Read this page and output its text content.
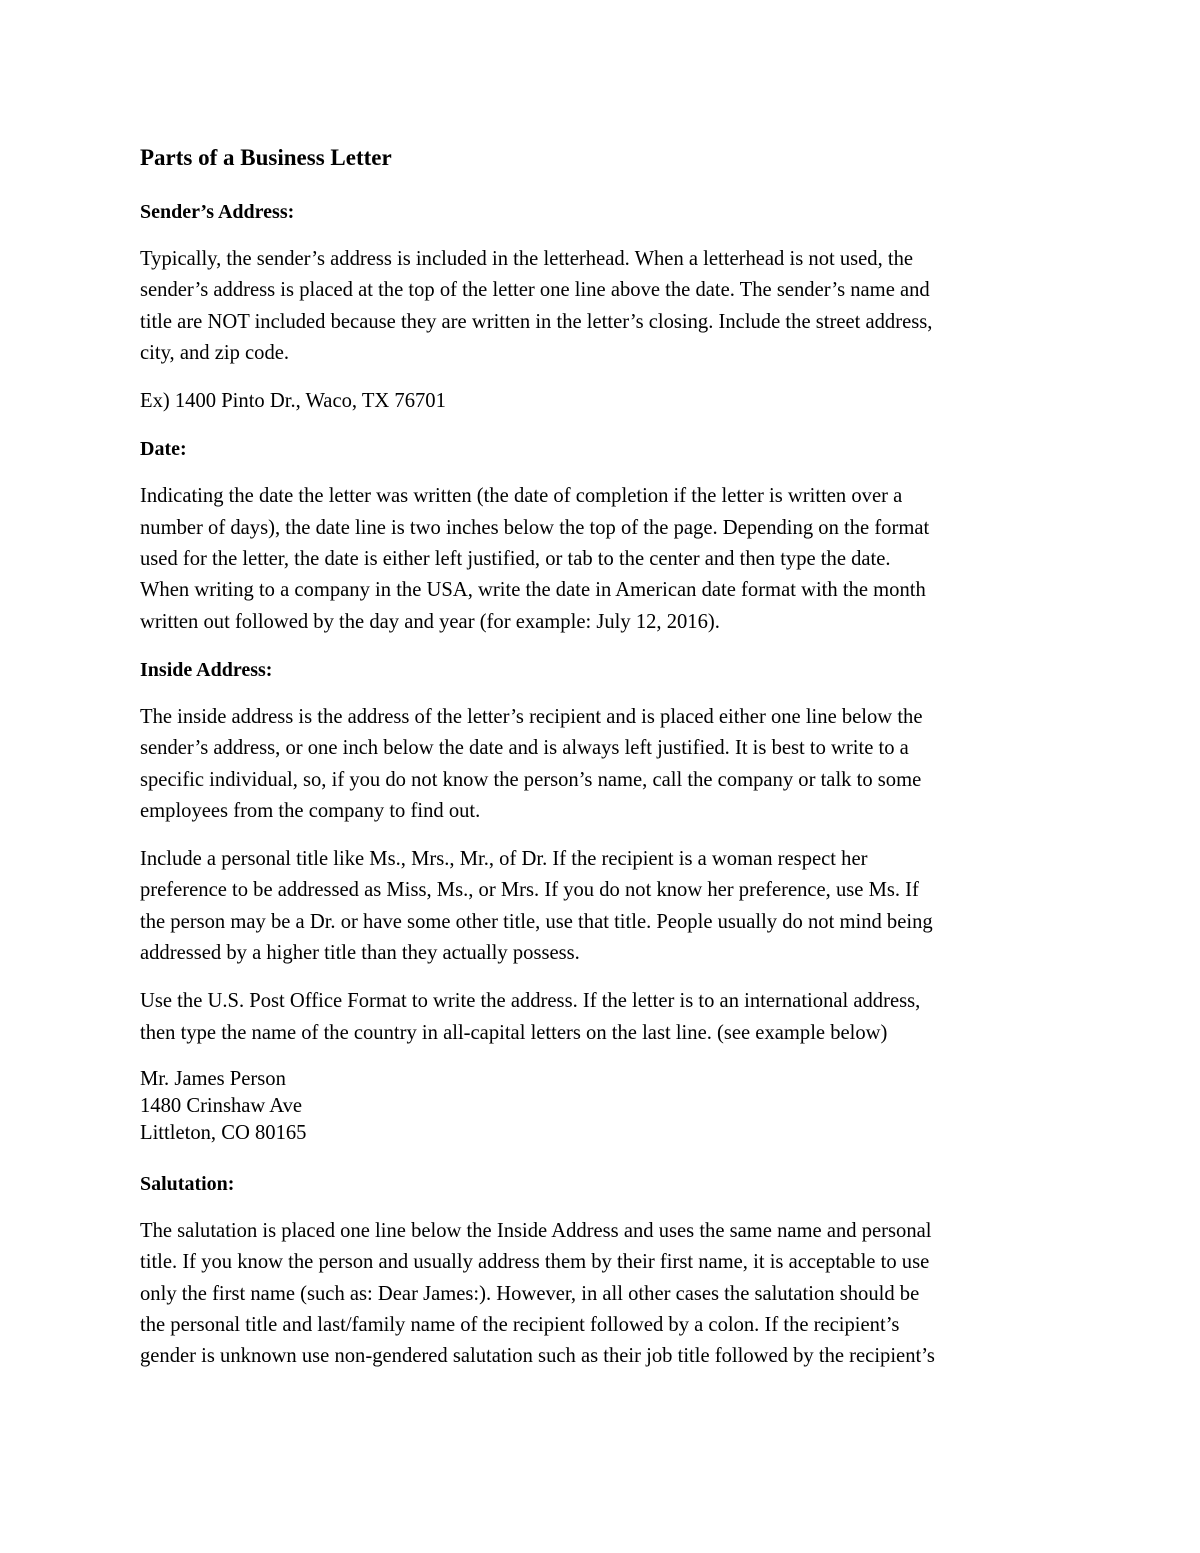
Parts of a Business Letter
Sender’s Address:
Typically, the sender’s address is included in the letterhead. When a letterhead is not used, the
sender’s address is placed at the top of the letter one line above the date. The sender’s name and
title are NOT included because they are written in the letter’s closing. Include the street address,
city, and zip code.
Ex) 1400 Pinto Dr., Waco, TX 76701
Date:
Indicating the date the letter was written (the date of completion if the letter is written over a
number of days), the date line is two inches below the top of the page. Depending on the format
used for the letter, the date is either left justified, or tab to the center and then type the date.
When writing to a company in the USA, write the date in American date format with the month
written out followed by the day and year (for example: July 12, 2016).
Inside Address:
The inside address is the address of the letter’s recipient and is placed either one line below the
sender’s address, or one inch below the date and is always left justified. It is best to write to a
specific individual, so, if you do not know the person’s name, call the company or talk to some
employees from the company to find out.
Include a personal title like Ms., Mrs., Mr., of Dr. If the recipient is a woman respect her
preference to be addressed as Miss, Ms., or Mrs. If you do not know her preference, use Ms. If
the person may be a Dr. or have some other title, use that title. People usually do not mind being
addressed by a higher title than they actually possess.
Use the U.S. Post Office Format to write the address. If the letter is to an international address,
then type the name of the country in all-capital letters on the last line. (see example below)
Mr. James Person
1480 Crinshaw Ave
Littleton, CO 80165
Salutation:
The salutation is placed one line below the Inside Address and uses the same name and personal
title. If you know the person and usually address them by their first name, it is acceptable to use
only the first name (such as: Dear James:). However, in all other cases the salutation should be
the personal title and last/family name of the recipient followed by a colon. If the recipient’s
gender is unknown use non-gendered salutation such as their job title followed by the recipient’s
